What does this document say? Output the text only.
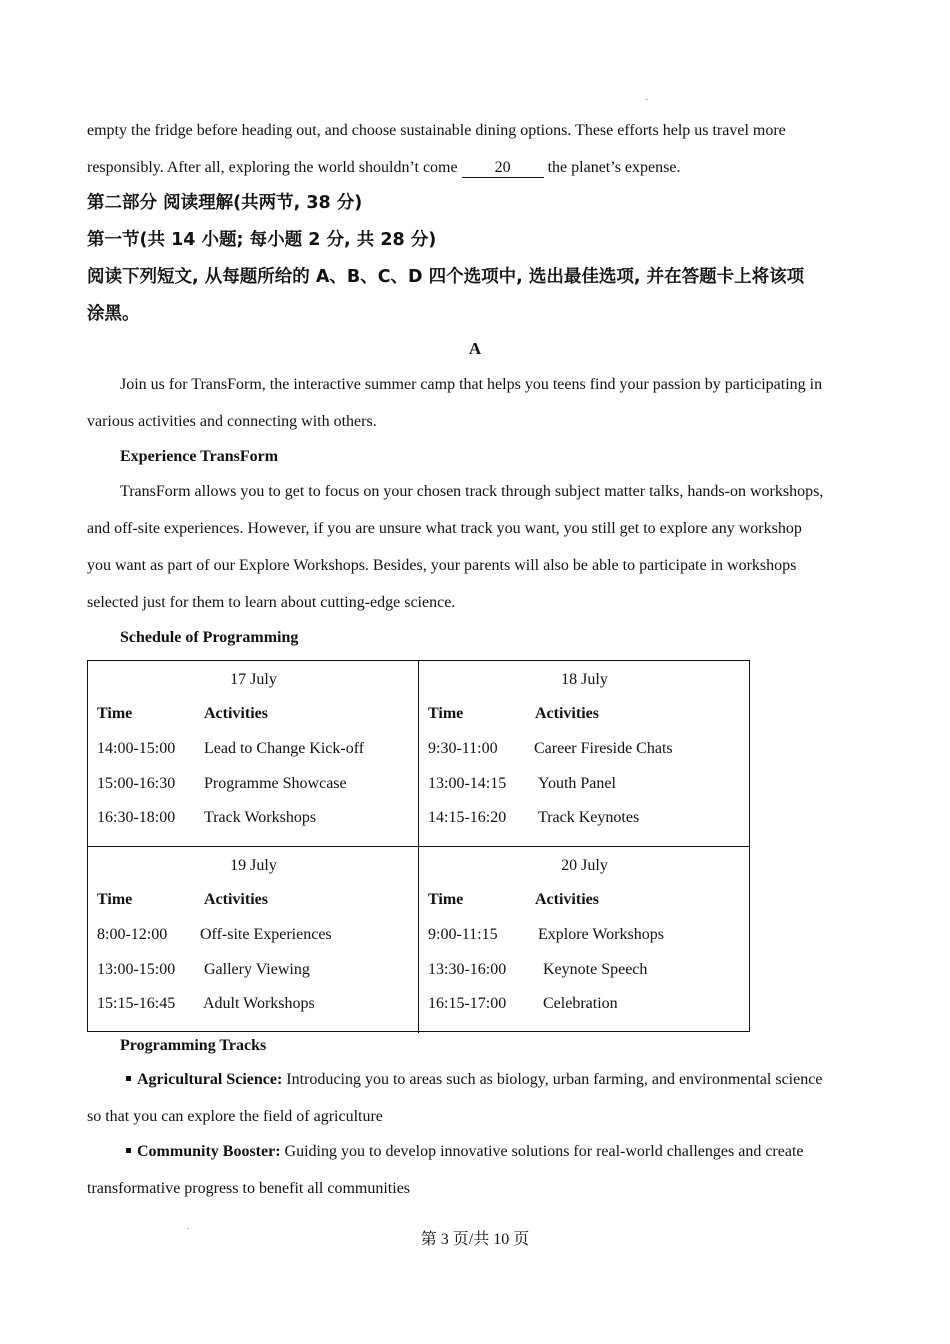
empty the fridge before heading out, and choose sustainable dining options. These efforts help us travel more
responsibly. After all, exploring the world shouldn’t come 20 the planet’s expense.
第二部分 阅读理解(共两节, 38 分)
第一节(共 14 小题; 每小题 2 分, 共 28 分)
阅读下列短文, 从每题所给的 A、B、C、D 四个选项中, 选出最佳选项, 并在答题卡上将该项
涂黑。
A
Join us for TransForm, the interactive summer camp that helps you teens find your passion by participating in
various activities and connecting with others.
Experience TransForm
TransForm allows you to get to focus on your chosen track through subject matter talks, hands-on workshops,
and off-site experiences. However, if you are unsure what track you want, you still get to explore any workshop
you want as part of our Explore Workshops. Besides, your parents will also be able to participate in workshops
selected just for them to learn about cutting-edge science.
Schedule of Programming
17 July
Time	Activities
14:00-15:00 Lead to Change Kick-off
15:00-16:30 Programme Showcase
16:30-18:00 Track Workshops
18 July
Time	Activities
9:30-11:00 Career Fireside Chats
13:00-14:15 Youth Panel
14:15-16:20 Track Keynotes
19 July
Time	Activities
8:00-12:00 Off-site Experiences
13:00-15:00 Gallery Viewing
15:15-16:45 Adult Workshops
20 July
Time	Activities
9:00-11:15	Explore Workshops
13:30-16:00 Keynote Speech
16:15-17:00 Celebration
Programming Tracks
Agricultural Science: Introducing you to areas such as biology, urban farming, and environmental science
so that you can explore the field of agriculture
Community Booster: Guiding you to develop innovative solutions for real-world challenges and create
transformative progress to benefit all communities
第 3 页/共 10 页
